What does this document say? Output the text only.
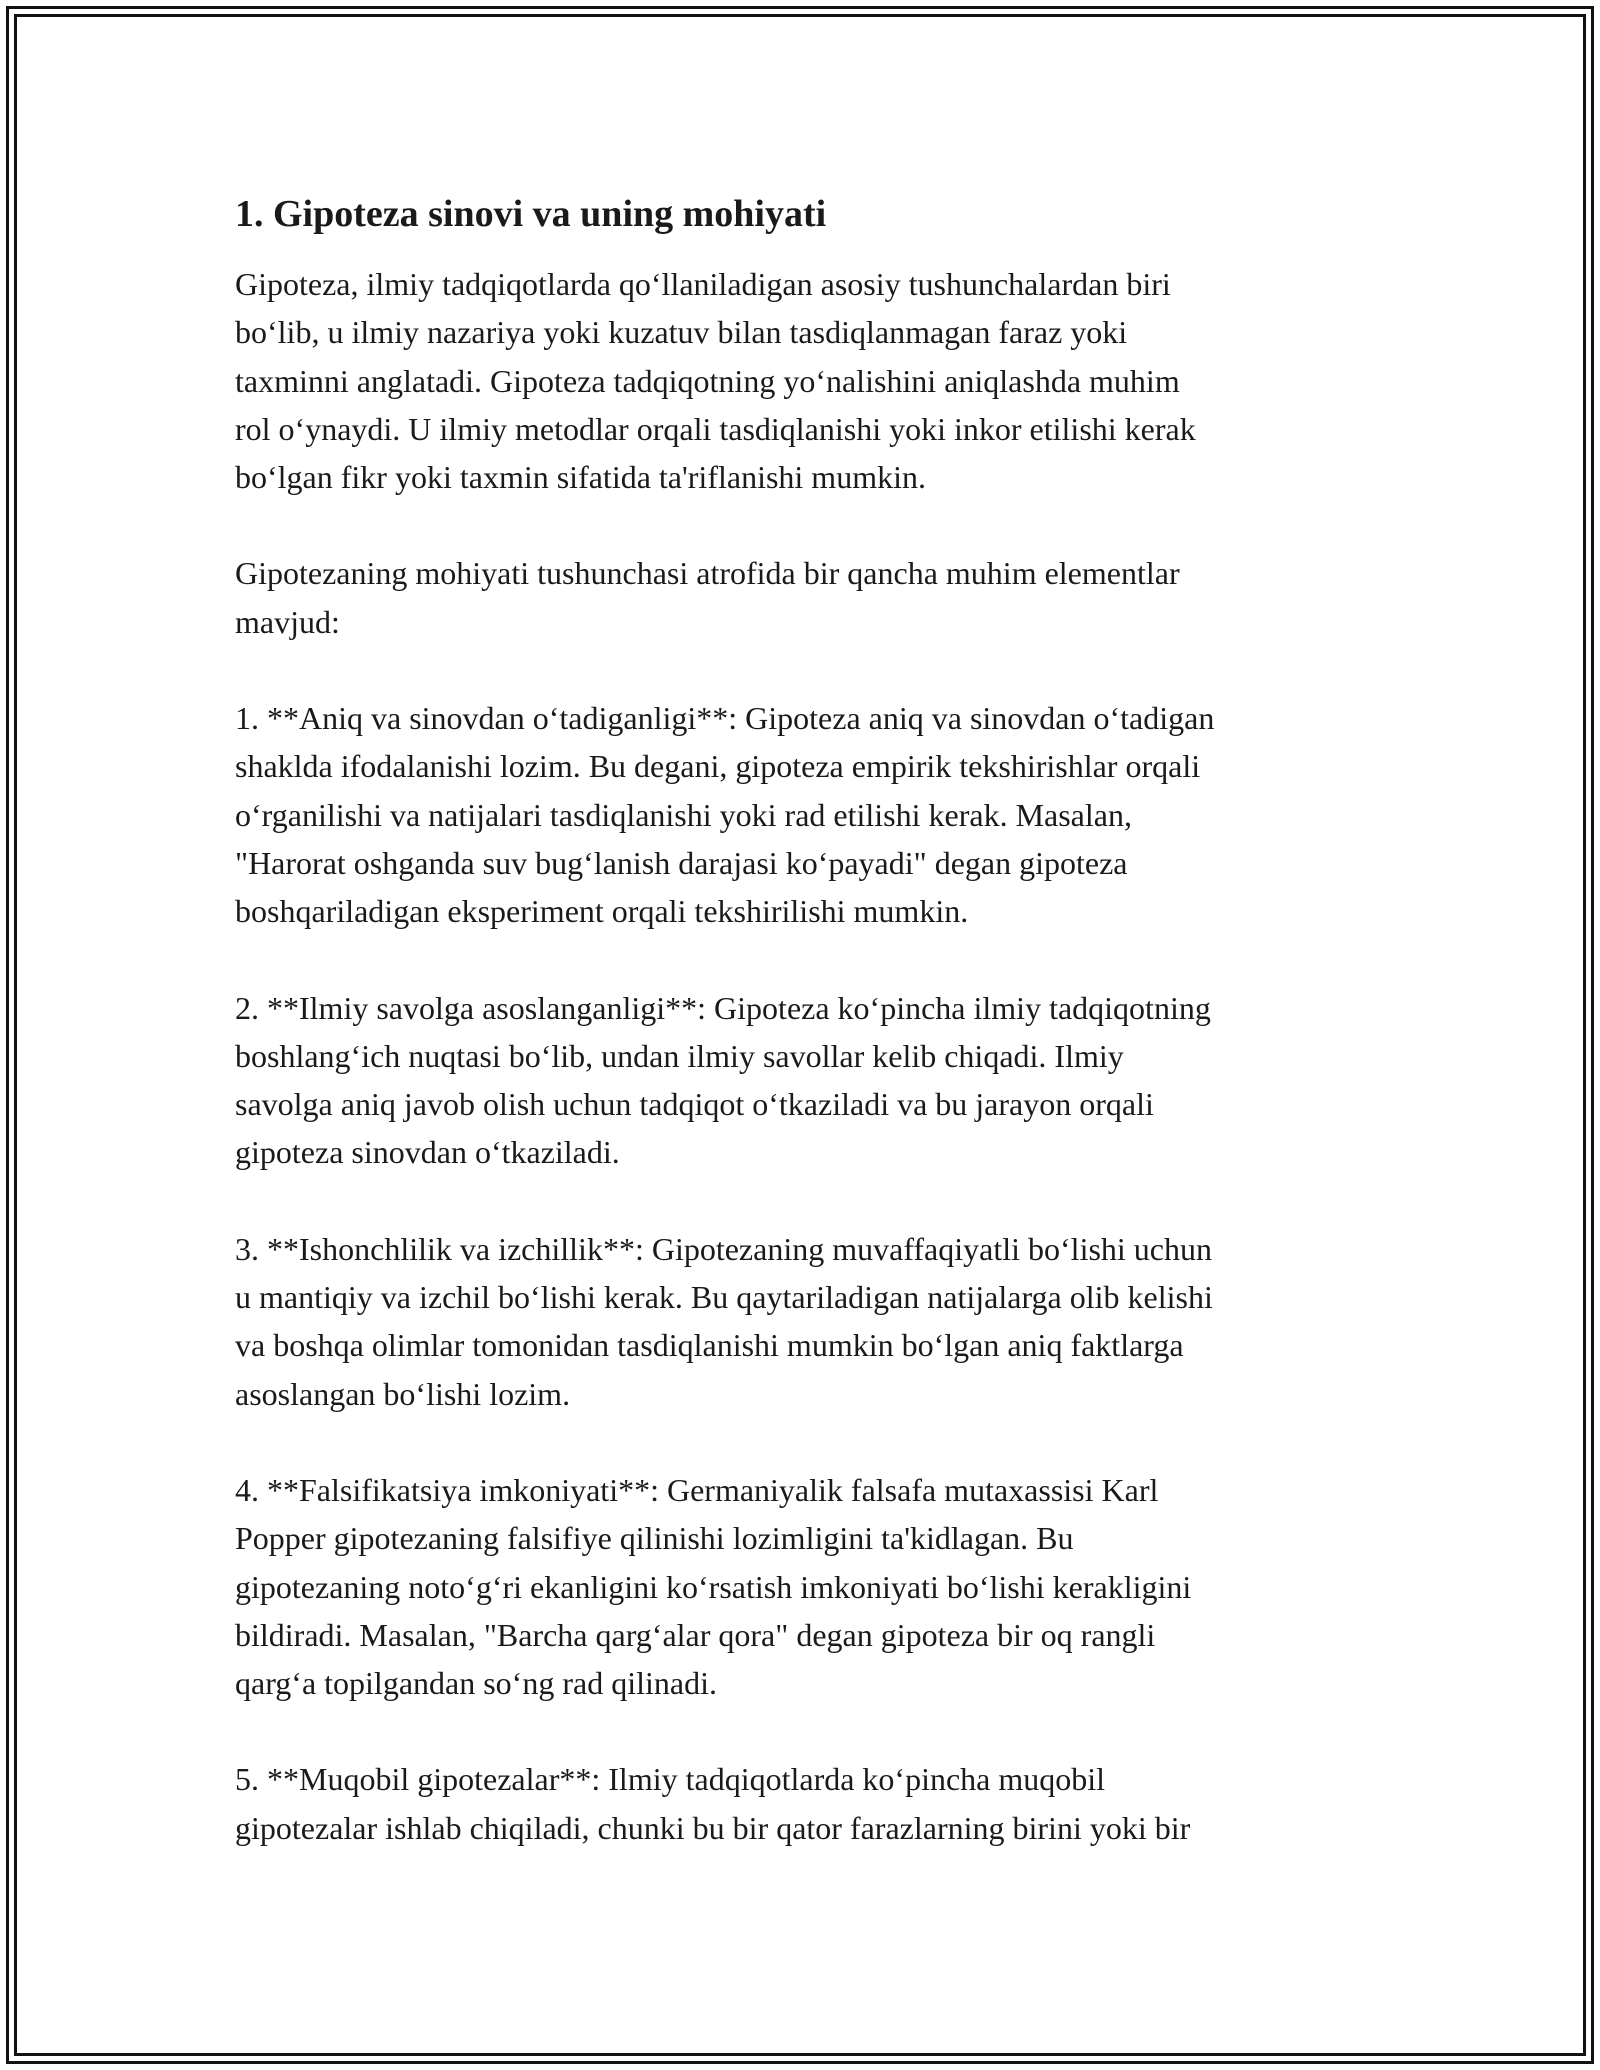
1. Gipoteza sinovi va uning mohiyati

Gipoteza, ilmiy tadqiqotlarda qo‘llaniladigan asosiy tushunchalardan biri
bo‘lib, u ilmiy nazariya yoki kuzatuv bilan tasdiqlanmagan faraz yoki
taxminni anglatadi. Gipoteza tadqiqotning yo‘nalishini aniqlashda muhim
rol o‘ynaydi. U ilmiy metodlar orqali tasdiqlanishi yoki inkor etilishi kerak
bo‘lgan fikr yoki taxmin sifatida ta'riflanishi mumkin.

Gipotezaning mohiyati tushunchasi atrofida bir qancha muhim elementlar
mavjud:

1. **Aniq va sinovdan o‘tadiganligi**: Gipoteza aniq va sinovdan o‘tadigan
shaklda ifodalanishi lozim. Bu degani, gipoteza empirik tekshirishlar orqali
o‘rganilishi va natijalari tasdiqlanishi yoki rad etilishi kerak. Masalan,
"Harorat oshganda suv bug‘lanish darajasi ko‘payadi" degan gipoteza
boshqariladigan eksperiment orqali tekshirilishi mumkin.

2. **Ilmiy savolga asoslanganligi**: Gipoteza ko‘pincha ilmiy tadqiqotning
boshlang‘ich nuqtasi bo‘lib, undan ilmiy savollar kelib chiqadi. Ilmiy
savolga aniq javob olish uchun tadqiqot o‘tkaziladi va bu jarayon orqali
gipoteza sinovdan o‘tkaziladi.

3. **Ishonchlilik va izchillik**: Gipotezaning muvaffaqiyatli bo‘lishi uchun
u mantiqiy va izchil bo‘lishi kerak. Bu qaytariladigan natijalarga olib kelishi
va boshqa olimlar tomonidan tasdiqlanishi mumkin bo‘lgan aniq faktlarga
asoslangan bo‘lishi lozim.

4. **Falsifikatsiya imkoniyati**: Germaniyalik falsafa mutaxassisi Karl
Popper gipotezaning falsifiye qilinishi lozimligini ta'kidlagan. Bu
gipotezaning noto‘g‘ri ekanligini ko‘rsatish imkoniyati bo‘lishi kerakligini
bildiradi. Masalan, "Barcha qarg‘alar qora" degan gipoteza bir oq rangli
qarg‘a topilgandan so‘ng rad qilinadi.

5. **Muqobil gipotezalar**: Ilmiy tadqiqotlarda ko‘pincha muqobil
gipotezalar ishlab chiqiladi, chunki bu bir qator farazlarning birini yoki bir
